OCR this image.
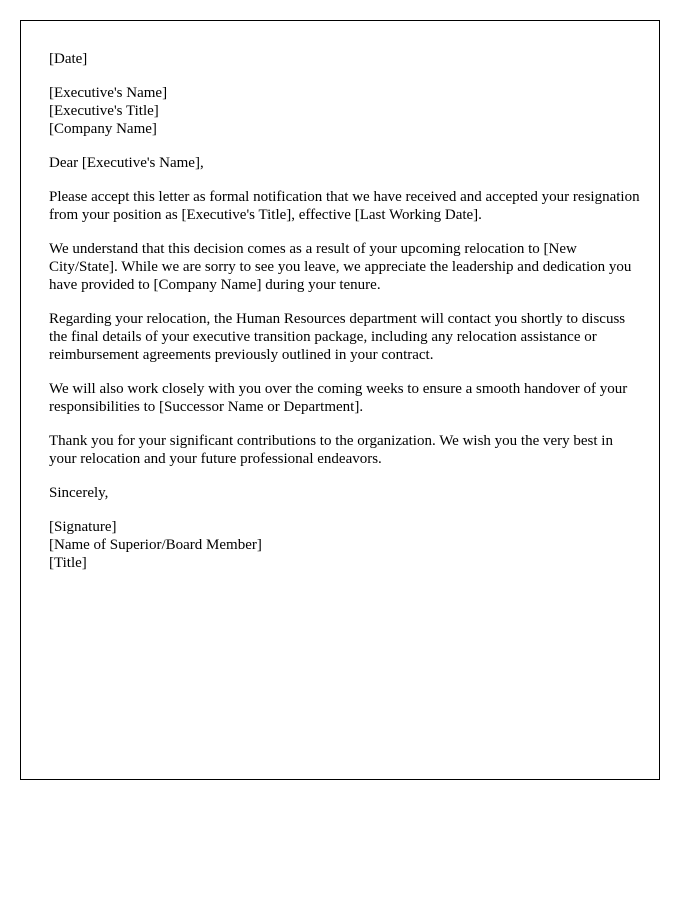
[Date]

[Executive's Name]
[Executive's Title]
[Company Name]

Dear [Executive's Name],

Please accept this letter as formal notification that we have received and accepted your resignation from your position as [Executive's Title], effective [Last Working Date].

We understand that this decision comes as a result of your upcoming relocation to [New City/State]. While we are sorry to see you leave, we appreciate the leadership and dedication you have provided to [Company Name] during your tenure.

Regarding your relocation, the Human Resources department will contact you shortly to discuss the final details of your executive transition package, including any relocation assistance or reimbursement agreements previously outlined in your contract.

We will also work closely with you over the coming weeks to ensure a smooth handover of your responsibilities to [Successor Name or Department].

Thank you for your significant contributions to the organization. We wish you the very best in your relocation and your future professional endeavors.

Sincerely,

[Signature]
[Name of Superior/Board Member]
[Title]
